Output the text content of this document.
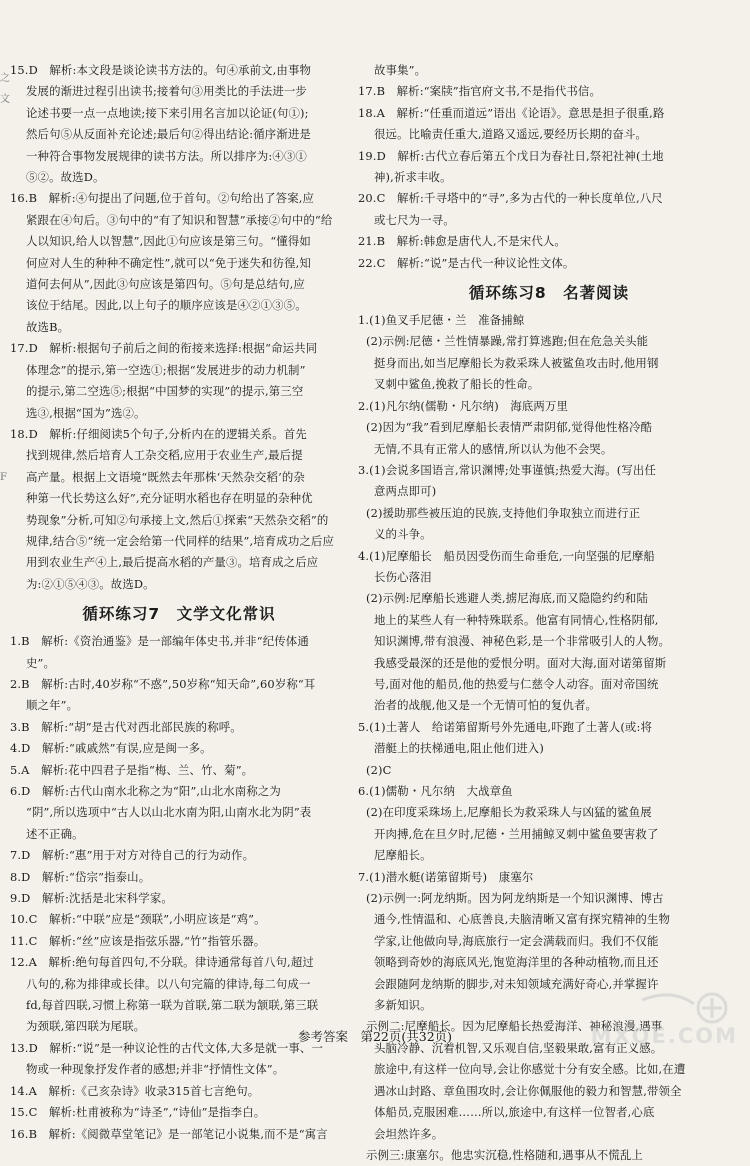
之
文

F

15.D　解析:本文段是谈论读书方法的。句④承前文,由事物

发展的渐进过程引出读书;接着句③用类比的手法进一步

论述书要一点一点地读;接下来引用名言加以论证(句①);

然后句⑤从反面补充论述;最后句②得出结论:循序渐进是

一种符合事物发展规律的读书方法。所以排序为:④③①

⑤②。故选D。

16.B　解析:④句提出了问题,位于首句。②句给出了答案,应

紧跟在④句后。③句中的“有了知识和智慧”承接②句中的“给

人以知识,给人以智慧”,因此①句应该是第三句。“懂得如

何应对人生的种种不确定性”,就可以“免于迷失和彷徨,知

道何去何从”,因此③句应该是第四句。⑤句是总结句,应

该位于结尾。因此,以上句子的顺序应该是④②①③⑤。

故选B。

17.D　解析:根据句子前后之间的衔接来选择:根据“命运共同

体理念”的提示,第一空选①;根据“发展进步的动力机制”

的提示,第二空选⑤;根据“中国梦的实现”的提示,第三空

选③,根据“国为”选②。

18.D　解析:仔细阅读5个句子,分析内在的逻辑关系。首先

找到规律,然后培育人工杂交稻,应用于农业生产,最后提

高产量。根据上文语境“既然去年那株‘天然杂交稻’的杂

种第一代长势这么好”,充分证明水稻也存在明显的杂种优

势现象”分析,可知②句承接上文,然后①探索“天然杂交稻”的

规律,结合⑤“统一定会给第一代同样的结果”,培育成功之后应

用到农业生产④上,最后提高水稻的产量③。培育成之后应

为:②①⑤④③。故选D。

循环练习7　文学文化常识

1.B　解析:《资治通鉴》是一部编年体史书,并非“纪传体通

史”。

2.B　解析:古时,40岁称“不惑”,50岁称“知天命”,60岁称“耳

顺之年”。

3.B　解析:“胡”是古代对西北部民族的称呼。

4.D　解析:“戚戚然”有误,应是闽一多。

5.A　解析:花中四君子是指“梅、兰、竹、菊”。

6.D　解析:古代山南水北称之为“阳”,山北水南称之为

“阴”,所以选项中“古人以山北水南为阳,山南水北为阴”表

述不正确。

7.D　解析:“惠”用于对方对待自己的行为动作。

8.D　解析:“岱宗”指泰山。

9.D　解析:沈括是北宋科学家。

10.C　解析:“中联”应是“颈联”,小明应该是“鸡”。

11.C　解析:“丝”应该是指弦乐器,“竹”指管乐器。

12.A　解析:绝句每首四句,不分联。律诗通常每首八句,超过

八句的,称为排律或长律。以八句完篇的律诗,每二句成一

fd,每首四联,习惯上称第一联为首联,第二联为颔联,第三联

为颈联,第四联为尾联。

13.D　解析:“说”是一种议论性的古代文体,大多是就一事、一

物或一种现象抒发作者的感想;并非“抒情性文体”。

14.A　解析:《己亥杂诗》收录315首七言绝句。

15.C　解析:杜甫被称为“诗圣”,“诗仙”是指李白。

16.B　解析:《阅微草堂笔记》是一部笔记小说集,而不是“寓言

故事集”。

17.B　解析:“案牍”指官府文书,不是指代书信。

18.A　解析:“任重而道远”语出《论语》。意思是担子很重,路

很远。比喻责任重大,道路又遥远,要经历长期的奋斗。

19.D　解析:古代立春后第五个戊日为春社日,祭祀社神(土地

神),祈求丰收。

20.C　解析:千寻塔中的“寻”,多为古代的一种长度单位,八尺

或七尺为一寻。

21.B　解析:韩愈是唐代人,不是宋代人。

22.C　解析:“说”是古代一种议论性文体。

循环练习8　名著阅读

1.(1)鱼叉手尼德・兰　准备捕鲸

(2)示例:尼德・兰性情暴躁,常打算逃跑;但在危急关头能

挺身而出,如当尼摩船长为救采珠人被鲨鱼攻击时,他用钢

叉刺中鲨鱼,挽救了船长的性命。

2.(1)凡尔纳(儒勒・凡尔纳)　海底两万里

(2)因为“我”看到尼摩船长表情严肃阴郁,觉得他性格冷酷

无情,不具有正常人的感情,所以认为他不会哭。

3.(1)会说多国语言,常识渊博;处事谨慎;热爱大海。(写出任

意两点即可)

(2)援助那些被压迫的民族,支持他们争取独立而进行正

义的斗争。

4.(1)尼摩船长　船员因受伤而生命垂危,一向坚强的尼摩船

长伤心落泪

(2)示例:尼摩船长逃避人类,掳尼海底,而又隐隐约约和陆

地上的某些人有一种特殊联系。他富有同情心,性格阴郁,

知识渊博,带有浪漫、神秘色彩,是一个非常吸引人的人物。

我感受最深的还是他的爱恨分明。面对大海,面对诺第留斯

号,面对他的船员,他的热爱与仁慈令人动容。面对帝国统

治者的战舰,他又是一个无情可怕的复仇者。

5.(1)土著人　给诺第留斯号外先通电,吓跑了土著人(或:将

潜艇上的扶梯通电,阻止他们进入)

(2)C

6.(1)儒勒・凡尔纳　大战章鱼

(2)在印度采珠场上,尼摩船长为救采珠人与凶猛的鲨鱼展

开肉搏,危在旦夕时,尼德・兰用捕鲸叉刺中鲨鱼要害救了

尼摩船长。

7.(1)潜水艇(诺第留斯号)　康塞尔

(2)示例一:阿龙纳斯。因为阿龙纳斯是一个知识渊博、博古

通今,性情温和、心底善良,夫脑清晰又富有探究精神的生物

学家,让他做向导,海底旅行一定会满载而归。我们不仅能

领略到奇妙的海底风光,饱览海洋里的各种动植物,而且还

会跟随阿龙纳斯的脚步,对未知领域充满好奇心,并掌握许

多新知识。

示例二:尼摩船长。因为尼摩船长热爱海洋、神秘浪漫,遇事

头脑冷静、沉着机智,又乐观自信,坚毅果敢,富有正义感。

旅途中,有这样一位向导,会让你感觉十分有安全感。比如,在遭

遇冰山封路、章鱼围攻时,会让你佩服他的毅力和智慧,带领全

体船员,克服困难……所以,旅途中,有这样一位智者,心底

会坦然许多。

示例三:康塞尔。他忠实沉稳,性格随和,遇事从不慌乱上

参考答案　第22页(共32页)	MXQE.COM
